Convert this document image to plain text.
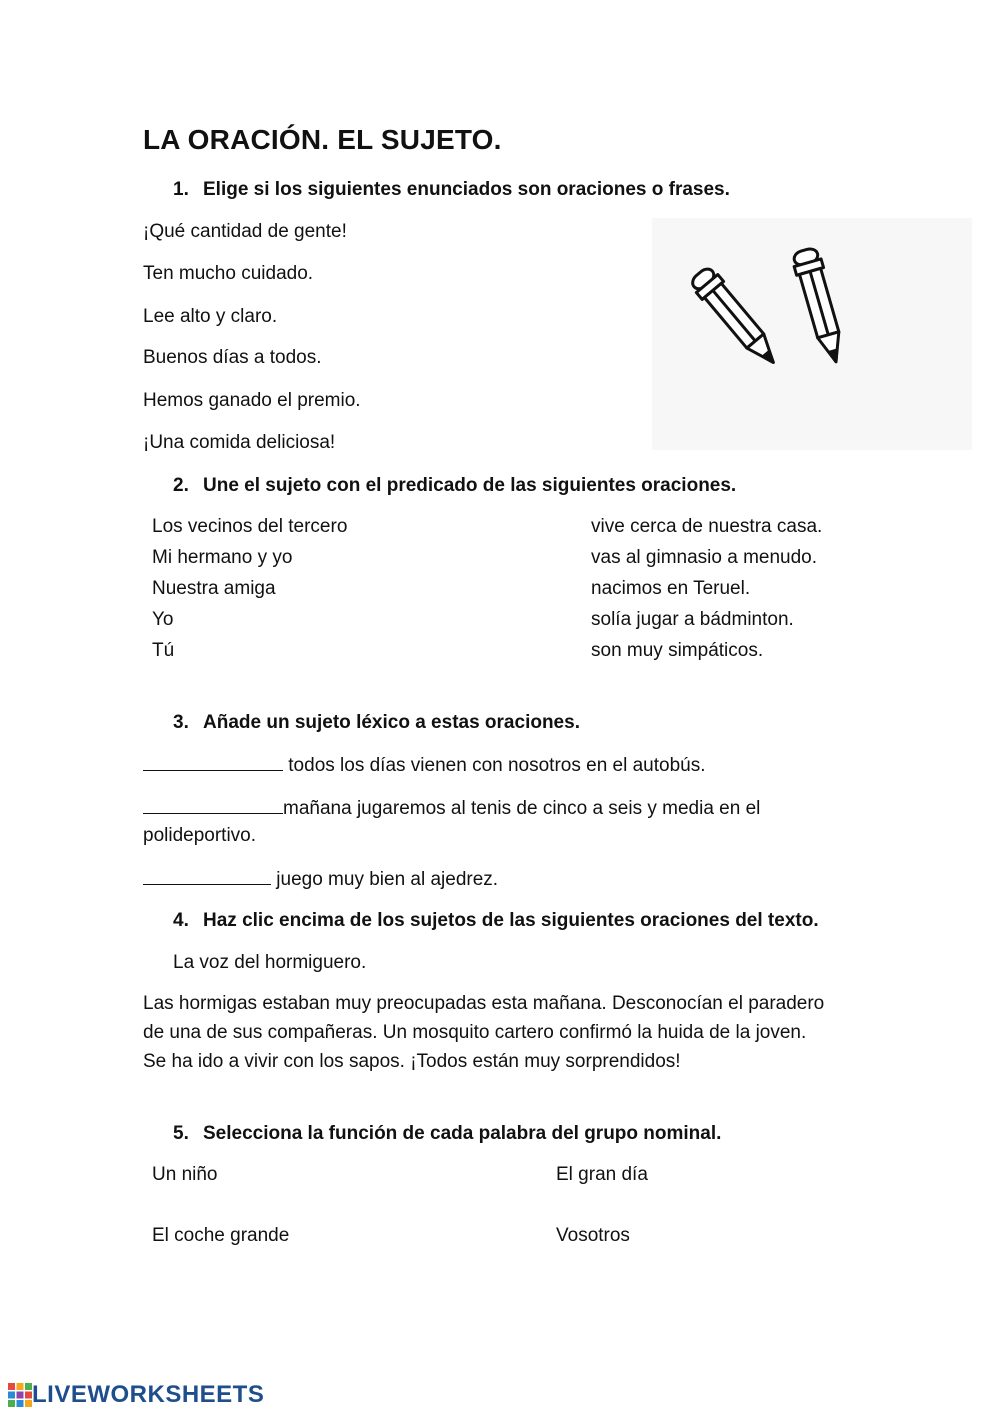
LA ORACIÓN. EL SUJETO.
1. Elige si los siguientes enunciados son oraciones o frases.
¡Qué cantidad de gente!
Ten mucho cuidado.
Lee alto y claro.
Buenos días a todos.
Hemos ganado el premio.
¡Una comida deliciosa!
2. Une el sujeto con el predicado de las siguientes oraciones.
Los vecinos del tercero
Mi hermano y yo
Nuestra amiga
Yo
Tú
vive cerca de nuestra casa.
vas al gimnasio a menudo.
nacimos en Teruel.
solía jugar a bádminton.
son muy simpáticos.
3. Añade un sujeto léxico a estas oraciones.
todos los días vienen con nosotros en el autobús.
mañana jugaremos al tenis de cinco a seis y media en el
polideportivo.
juego muy bien al ajedrez.
4. Haz clic encima de los sujetos de las siguientes oraciones del texto.
La voz del hormiguero.
Las hormigas estaban muy preocupadas esta mañana. Desconocían el paradero
de una de sus compañeras. Un mosquito cartero confirmó la huida de la joven.
Se ha ido a vivir con los sapos. ¡Todos están muy sorprendidos!
5. Selecciona la función de cada palabra del grupo nominal.
Un niño	El gran día
El coche grande	Vosotros
LIVEWORKSHEETS
